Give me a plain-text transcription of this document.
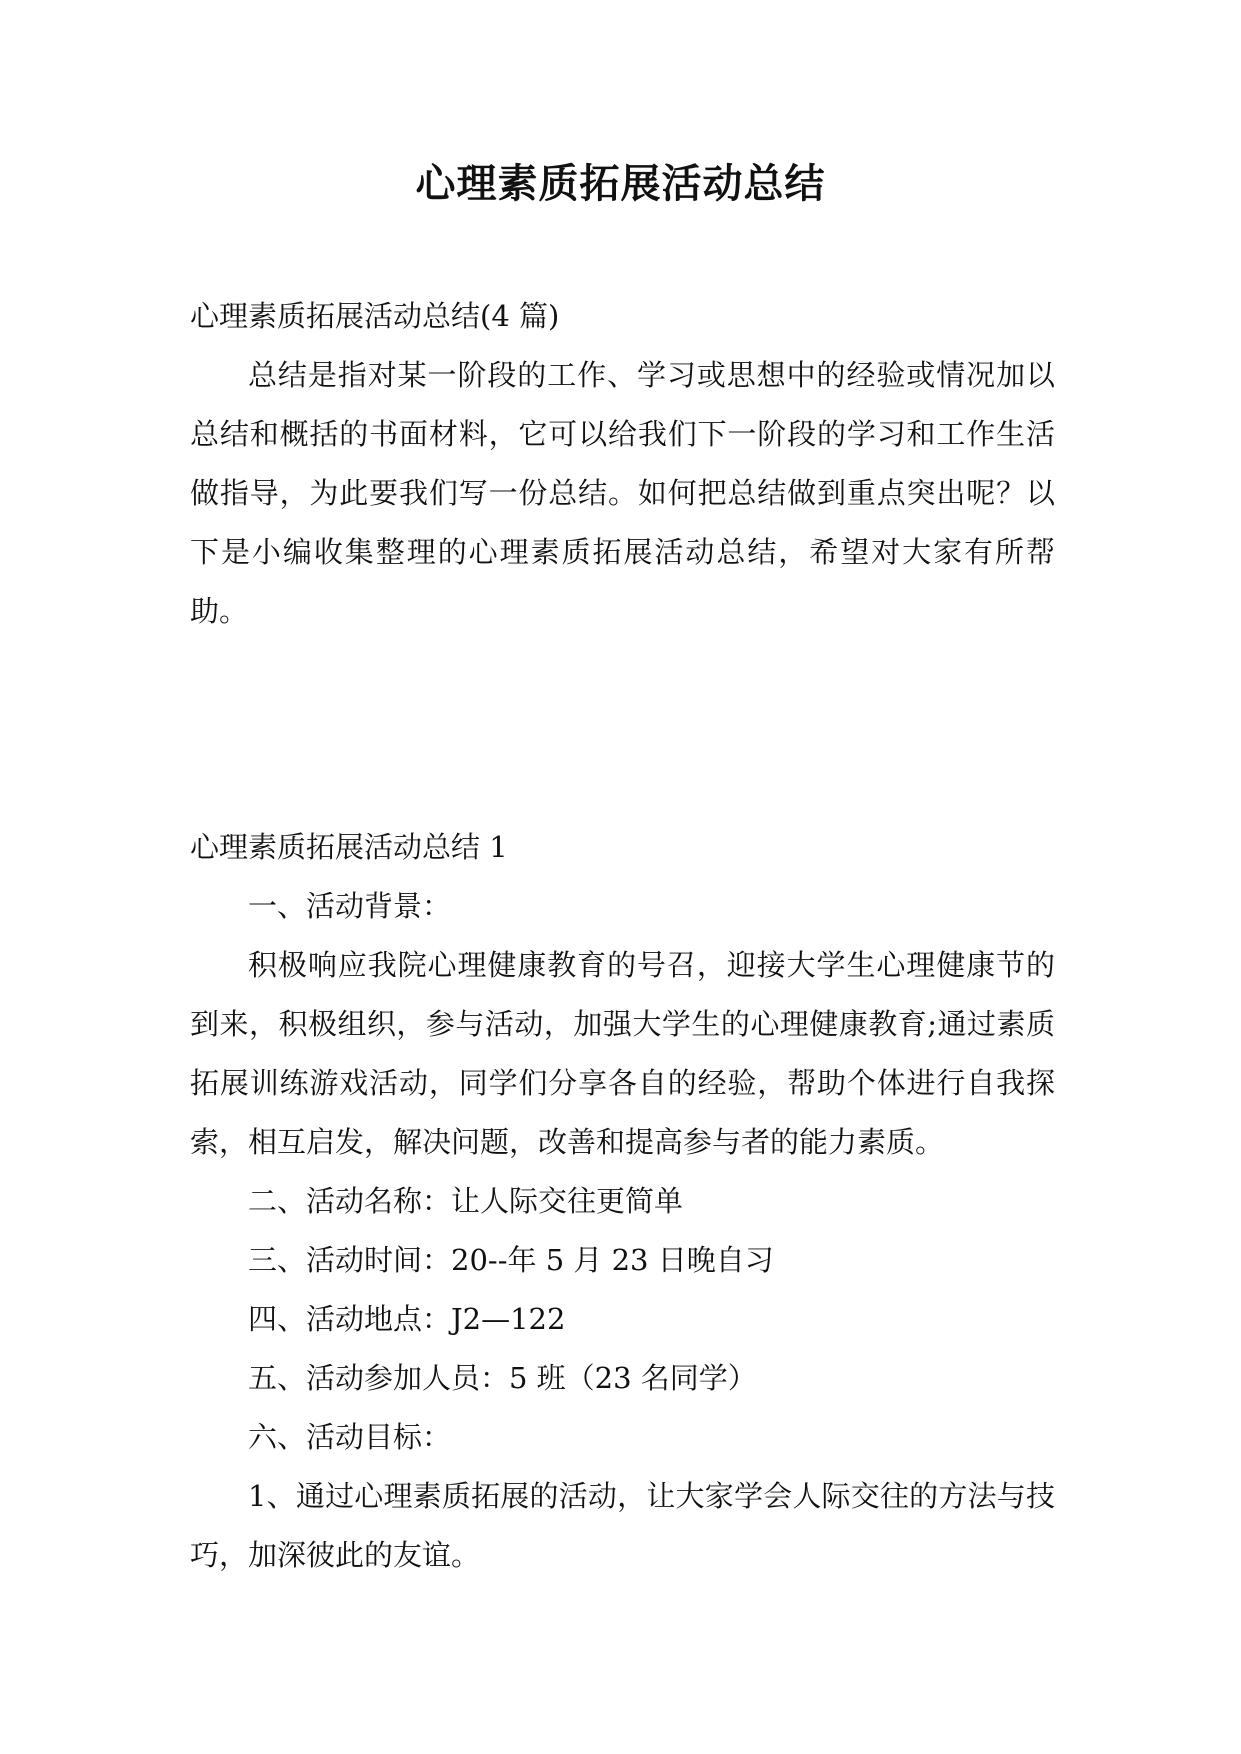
心理素质拓展活动总结

心理素质拓展活动总结(4 篇)

总结是指对某一阶段的工作、学习或思想中的经验或情况加以总结和概括的书面材料，它可以给我们下一阶段的学习和工作生活做指导，为此要我们写一份总结。如何把总结做到重点突出呢？以下是小编收集整理的心理素质拓展活动总结，希望对大家有所帮助。

心理素质拓展活动总结 1

一、活动背景：

积极响应我院心理健康教育的号召，迎接大学生心理健康节的到来，积极组织，参与活动，加强大学生的心理健康教育;通过素质拓展训练游戏活动，同学们分享各自的经验，帮助个体进行自我探索，相互启发，解决问题，改善和提高参与者的能力素质。

二、活动名称：让人际交往更简单

三、活动时间：20--年 5 月 23 日晚自习

四、活动地点：J2—122

五、活动参加人员：5 班（23 名同学）

六、活动目标：

1、通过心理素质拓展的活动，让大家学会人际交往的方法与技巧，加深彼此的友谊。
